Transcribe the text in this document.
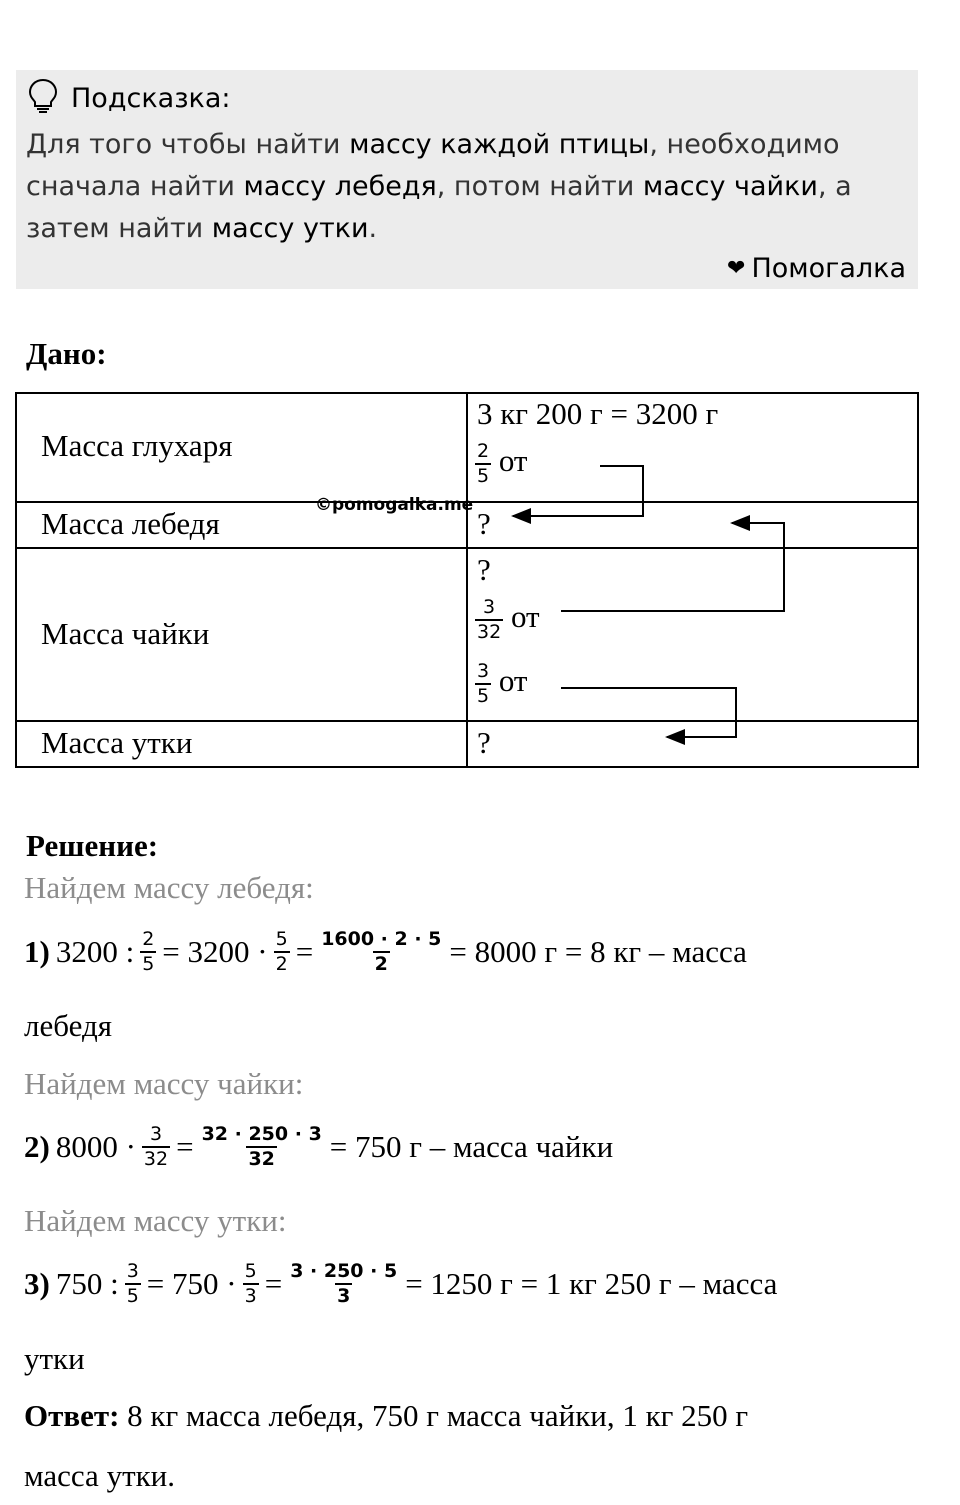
Подсказка:
Для того чтобы найти массу каждой птицы, необходимо
сначала найти массу лебедя, потом найти массу чайки, а
затем найти массу утки.
❤ Помогалка
Дано:
Масса глухаря
3 кг 200 г = 3200 г
$\frac{2}{5}$ от
Масса лебедя	?
Масса чайки
?
$\frac{3}{32}$ от
$\frac{3}{5}$ от
Масса утки	?
©pomogalka.me
Решение:
Найдем массу лебедя:
1) 3200 : $\frac{2}{5} = 3200 \cdot \frac{5}{2} = \frac{1600 \cdot 2 \cdot 5}{2} = 8000$ г = 8 кг – масса
лебедя
Найдем массу чайки:
2) $8000 \cdot \frac{3}{32} = \frac{32 \cdot 250 \cdot 3}{32} = 750$ г – масса чайки
Найдем массу утки:
3) 750 : $\frac{3}{5} = 750 \cdot \frac{5}{3} = \frac{3 \cdot 250 \cdot 5}{3} = 1250$ г = 1 кг 250 г – масса
утки
Ответ: 8 кг масса лебедя, 750 г масса чайки, 1 кг 250 г
масса утки.
